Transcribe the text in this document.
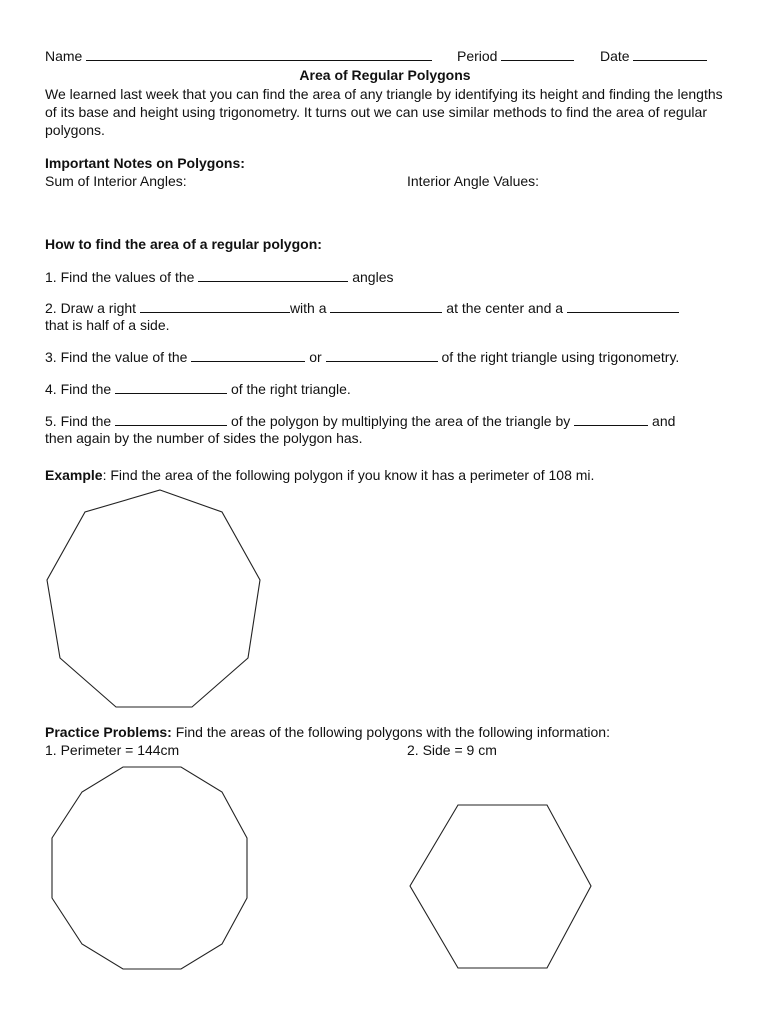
Name	Period	Date
Area of Regular Polygons
We learned last week that you can find the area of any triangle by identifying its height and finding the lengths of its base and height using trigonometry. It turns out we can use similar methods to find the area of regular polygons.
Important Notes on Polygons:
Sum of Interior Angles:	Interior Angle Values:
How to find the area of a regular polygon:
1. Find the values of the	angles
2. Draw a right	with a	at the center and a
that is half of a side.
3. Find the value of the	or	of the right triangle using trigonometry.
4. Find the	of the right triangle.
5. Find the	of the polygon by multiplying the area of the triangle by	and
then again by the number of sides the polygon has.
Example: Find the area of the following polygon if you know it has a perimeter of 108 mi.
Practice Problems: Find the areas of the following polygons with the following information:
1. Perimeter = 144cm	2. Side = 9 cm
